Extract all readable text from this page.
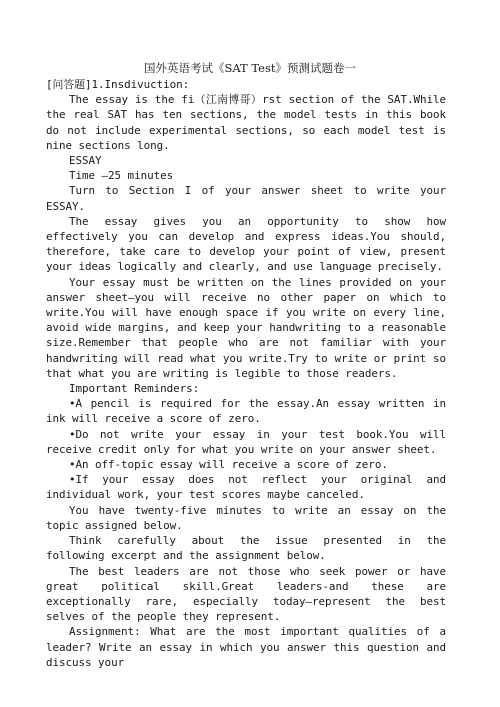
国外英语考试《SAT Test》预测试题卷一

[问答题]1.Insdivuction:

The essay is the fi（江南博哥）rst section of the SAT.While the real SAT has ten sections, the model tests in this book do not include experimental sections, so each model test is nine sections long.

ESSAY

Time —25 minutes

Turn to Section I of your answer sheet to write your ESSAY.

The essay gives you an opportunity to show how effectively you can develop and express ideas.You should, therefore, take care to develop your point of view, present your ideas logically and clearly, and use language precisely.

Your essay must be written on the lines provided on your answer sheet—you will receive no other paper on which to write.You will have enough space if you write on every line, avoid wide margins, and keep your handwriting to a reasonable size.Remember that people who are not familiar with your handwriting will read what you write.Try to write or print so that what you are writing is legible to those readers.

Important Reminders:

•A pencil is required for the essay.An essay written in ink will receive a score of zero.

•Do not write your essay in your test book.You will receive credit only for what you write on your answer sheet.

•An off-topic essay will receive a score of zero.

•If your essay does not reflect your original and individual work, your test scores maybe canceled.

You have twenty-five minutes to write an essay on the topic assigned below.

Think carefully about the issue presented in the following excerpt and the assignment below.

The best leaders are not those who seek power or have great political skill.Great leaders-and these are exceptionally rare, especially today—represent the best selves of the people they represent.

Assignment: What are the most important qualities of a leader? Write an essay in which you answer this question and discuss your
